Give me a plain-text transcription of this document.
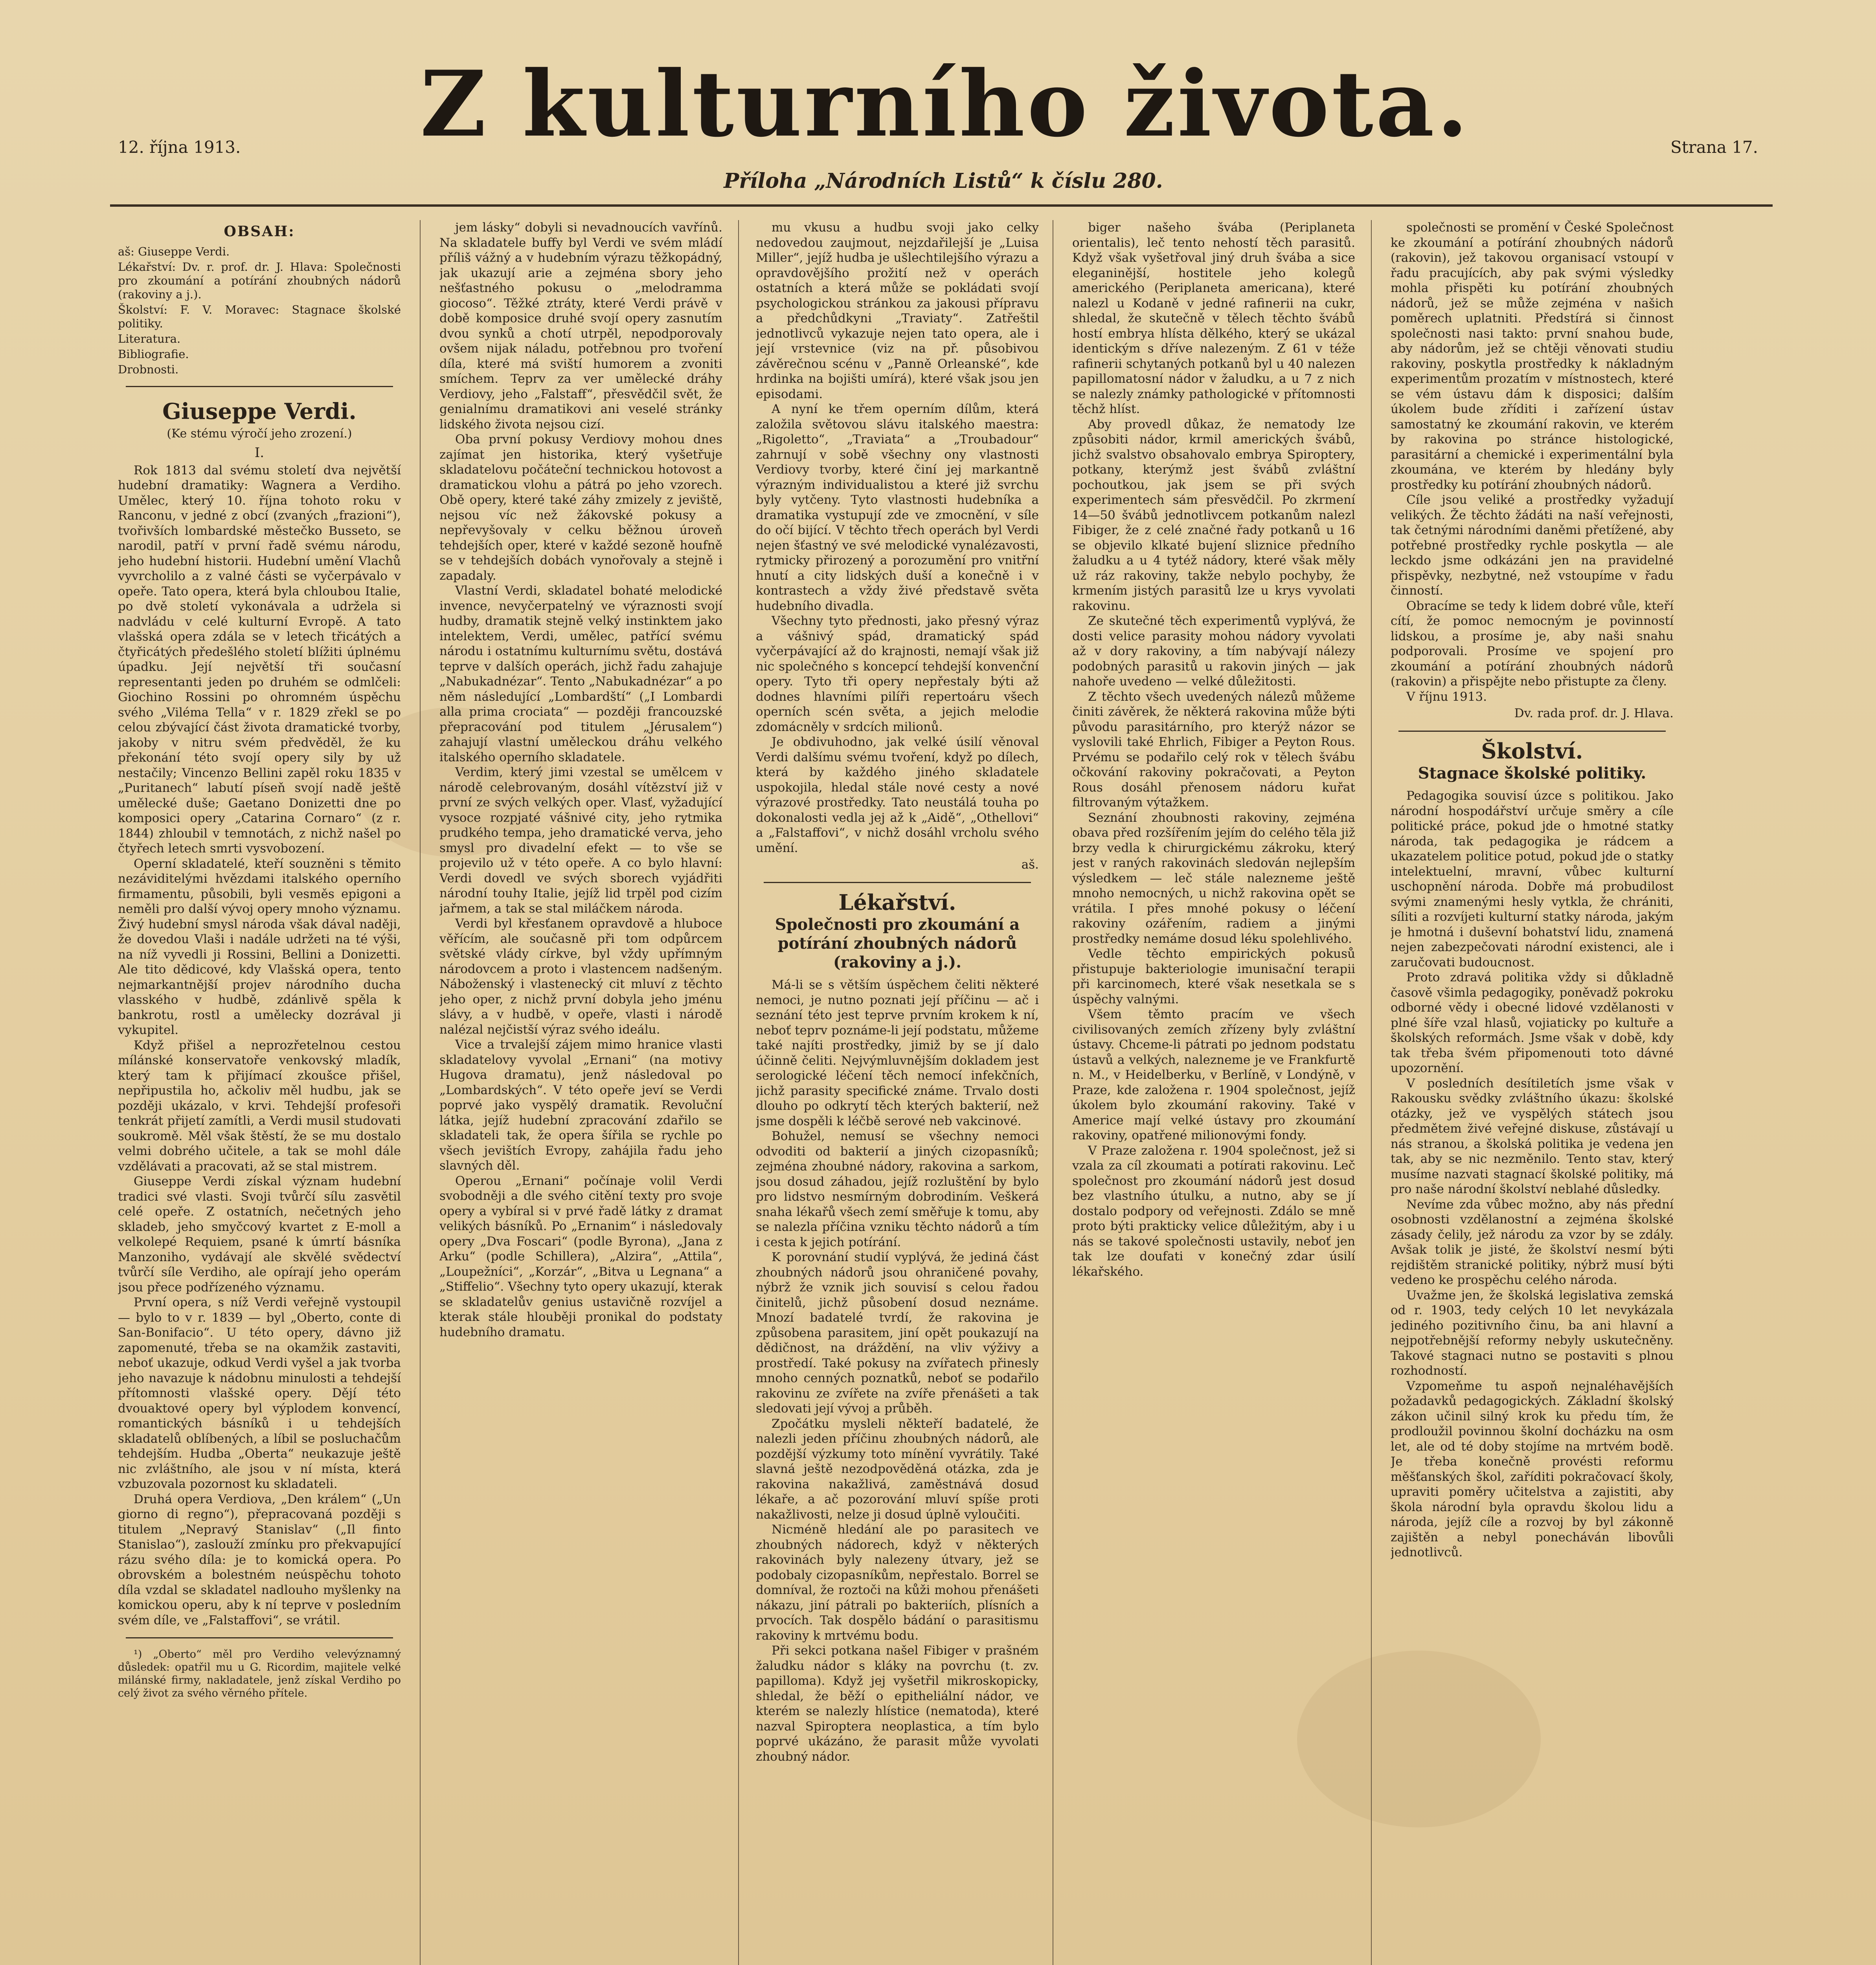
Z kulturního života.
12. října 1913.	Strana 17.
Příloha „Národních Listů“ k číslu 280.
OBSAH:

aš: Giuseppe Verdi.

Lékařství: Dv. r. prof. dr. J. Hlava: Společnosti pro zkoumání a potírání zhoubných nádorů (rakoviny a j.).

Školství: F. V. Moravec: Stagnace školské politiky.

Literatura.

Bibliografie.

Drobnosti.

Giuseppe Verdi.
(Ke stému výročí jeho zrození.)
I.

Rok 1813 dal svému století dva největší hudební dramatiky: Wagnera a Verdiho. Umělec, který 10. října tohoto roku v Ranconu, v jedné z obcí (zvaných „frazioni“), tvořivších lombardské městečko Busseto, se narodil, patří v první řadě svému národu, jeho hudební historii. Hudební umění Vlachů vyvrcholilo a z valné části se vyčerpávalo v opeře. Tato opera, která byla chloubou Italie, po dvě století vykonávala a udržela si nadvládu v celé kulturní Evropě. A tato vlašská opera zdála se v letech třicátých a čtyřicátých předešlého století blížiti úplnému úpadku. Její největší tři současní representanti jeden po druhém se odmlčeli: Giochino Rossini po ohromném úspěchu svého „Viléma Tella“ v r. 1829 zřekl se po celou zbývající část života dramatické tvorby, jakoby v nitru svém předvěděl, že ku překonání této svojí opery sily by už nestačily; Vincenzo Bellini zapěl roku 1835 v „Puritanech“ labutí píseň svojí nadě ještě umělecké duše; Gaetano Donizetti dne po komposici opery „Catarina Cornaro“ (z r. 1844) zhloubil v temnotách, z nichž našel po čtyřech letech smrti vysvobození.

Operní skladatelé, kteří souzněni s těmito nezáviditelými hvězdami italského operního firmamentu, působili, byli vesměs epigoni a neměli pro další vývoj opery mnoho významu. Živý hudební smysl národa však dával naději, že dovedou Vlaši i nadále udržeti na té výši, na níž vyvedli ji Rossini, Bellini a Donizetti. Ale tito dědicové, kdy Vlašská opera, tento nejmarkantnější projev národního ducha vlasského v hudbě, zdánlivě spěla k bankrotu, rostl a umělecky dozrával ji vykupitel.

Když přišel a neprozřetelnou cestou mílánské konservatoře venkovský mladík, který tam k přijímací zkoušce přišel, nepřipustila ho, ačkoliv měl hudbu, jak se později ukázalo, v krvi. Tehdejší profesoři tenkrát přijetí zamítli, a Verdi musil studovati soukromě. Měl však štěstí, že se mu dostalo velmi dobrého učitele, a tak se mohl dále vzdělávati a pracovati, až se stal mistrem.

Giuseppe Verdi získal význam hudební tradici své vlasti. Svoji tvůrčí sílu zasvětil celé opeře. Z ostatních, nečetných jeho skladeb, jeho smyčcový kvartet z E-moll a velkolepé Requiem, psané k úmrtí básníka Manzoniho, vydávají ale skvělé svědectví tvůrčí síle Verdiho, ale opírají jeho operám jsou přece podřízeného významu.

První opera, s níž Verdi veřejně vystoupil — bylo to v r. 1839 — byl „Oberto, conte di San-Bonifacio“. U této opery, dávno již zapomenuté, třeba se na okamžik zastaviti, neboť ukazuje, odkud Verdi vyšel a jak tvorba jeho navazuje k nádobnu minulosti a tehdejší přítomnosti vlašské opery. Dějí této dvouaktové opery byl výplodem konvencí, romantických básníků i u tehdejších skladatelů oblíbených, a líbil se posluchačům tehdejším. Hudba „Oberta“ neukazuje ještě nic zvláštního, ale jsou v ní místa, která vzbuzovala pozornost ku skladateli.

Druhá opera Verdiova, „Den králem“ („Un giorno di regno“), přepracovaná později s titulem „Nepravý Stanislav“ („Il finto Stanislao“), zaslouží zmínku pro překvapující rázu svého díla: je to komická opera. Po obrovském a bolestném neúspěchu tohoto díla vzdal se skladatel nadlouho myšlenky na komickou operu, aby k ní teprve v posledním svém díle, ve „Falstaffovi“, se vrátil.

¹) „Oberto“ měl pro Verdiho velevýznamný důsledek: opatřil mu u G. Ricordim, majitele velké milánské firmy, nakladatele, jenž získal Verdiho po celý život za svého věrného přítele.

jem lásky“ dobyli si nevadnoucích vavřínů. Na skladatele buffy byl Verdi ve svém mládí příliš vážný a v hudebním výrazu těžkopádný, jak ukazují arie a zejména sbory jeho nešťastného pokusu o „melodramma giocoso“. Těžké ztráty, které Verdi právě v době komposice druhé svojí opery zasnutím dvou synků a chotí utrpěl, nepodporovaly ovšem nijak náladu, potřebnou pro tvoření díla, které má sviští humorem a zvoniti smíchem. Teprv za ver umělecké dráhy Verdiovy, jeho „Falstaff“, přesvědčil svět, že genialnímu dramatikovi ani veselé stránky lidského života nejsou cizí.

Oba první pokusy Verdiovy mohou dnes zajímat jen historika, který vyšetřuje skladatelovu počáteční technickou hotovost a dramatickou vlohu a pátrá po jeho vzorech. Obě opery, které také záhy zmizely z jeviště, nejsou víc než žákovské pokusy a nepřevyšovaly v celku běžnou úroveň tehdejších oper, které v každé sezoně houfně se v tehdejších dobách vynořovaly a stejně i zapadaly.

Vlastní Verdi, skladatel bohaté melodické invence, nevyčerpatelný ve výraznosti svojí hudby, dramatik stejně velký instinktem jako intelektem, Verdi, umělec, patřící svému národu i ostatnímu kulturnímu světu, dostává teprve v dalších operách, jichž řadu zahajuje „Nabukadnézar“. Tento „Nabukadnézar“ a po něm následující „Lombardští“ („I Lombardi alla prima crociata“ — později francouzské přepracování pod titulem „Jérusalem“) zahajují vlastní uměleckou dráhu velkého italského operního skladatele.

Verdim, který jimi vzestal se umělcem v národě celebrovaným, dosáhl vítězství již v první ze svých velkých oper. Vlasť, vyžadující vysoce rozpjaté vášnivé city, jeho rytmika prudkého tempa, jeho dramatické verva, jeho smysl pro divadelní efekt — to vše se projevilo už v této opeře. A co bylo hlavní: Verdi dovedl ve svých sborech vyjádřiti národní touhy Italie, jejíž lid trpěl pod cizím jařmem, a tak se stal miláčkem národa.

Verdi byl křesťanem opravdově a hluboce věřícím, ale současně při tom odpůrcem světské vlády církve, byl vždy upřímným národovcem a proto i vlastencem nadšeným. Náboženský i vlastenecký cit mluví z těchto jeho oper, z nichž první dobyla jeho jménu slávy, a v hudbě, v opeře, vlasti i národě nalézal nejčistší výraz svého ideálu.

Vice a trvalejší zájem mimo hranice vlasti skladatelovy vyvolal „Ernani“ (na motivy Hugova dramatu), jenž následoval po „Lombardských“. V této opeře jeví se Verdi poprvé jako vyspělý dramatik. Revoluční látka, jejíž hudební zpracování zdařilo se skladateli tak, že opera šířila se rychle po všech jevištích Evropy, zahájila řadu jeho slavných děl.

Operou „Ernani“ počínaje volil Verdi svobodněji a dle svého citění texty pro svoje opery a vybíral si v prvé řadě látky z dramat velikých básníků. Po „Ernanim“ i následovaly opery „Dva Foscari“ (podle Byrona), „Jana z Arku“ (podle Schillera), „Alzira“, „Attila“, „Loupežníci“, „Korzár“, „Bitva u Legnana“ a „Stiffelio“. Všechny tyto opery ukazují, kterak se skladatelův genius ustavičně rozvíjel a kterak stále hlouběji pronikal do podstaty hudebního dramatu.

mu vkusu a hudbu svoji jako celky nedovedou zaujmout, nejzdařilejší je „Luisa Miller“, jejíž hudba je ušlechtilejšího výrazu a opravdovějšího prožití než v operách ostatních a která může se pokládati svojí psychologickou stránkou za jakousi přípravu a předchůdkyni „Traviaty“. Zatřeštil jednotlivců vykazuje nejen tato opera, ale i její vrstevnice (viz na př. působivou závěrečnou scénu v „Panně Orleanské“, kde hrdinka na bojišti umírá), které však jsou jen episodami.

A nyní ke třem operním dílům, která založila světovou slávu italského maestra: „Rigoletto“, „Traviata“ a „Troubadour“ zahrnují v sobě všechny ony vlastnosti Verdiovy tvorby, které činí jej markantně výrazným individualistou a které již svrchu byly vytčeny. Tyto vlastnosti hudebníka a dramatika vystupují zde ve zmocnění, v síle do očí bijící. V těchto třech operách byl Verdi nejen šťastný ve své melodické vynalézavosti, rytmicky přirozený a porozumění pro vnitřní hnutí a city lidských duší a konečně i v kontrastech a vždy živé představě světa hudebního divadla.

Všechny tyto přednosti, jako přesný výraz a vášnivý spád, dramatický spád vyčerpávající až do krajnosti, nemají však již nic společného s koncepcí tehdejší konvenční opery. Tyto tři opery nepřestaly býti až dodnes hlavními pilíři repertoáru všech operních scén světa, a jejich melodie zdomácněly v srdcích milionů.

Je obdivuhodno, jak velké úsilí věnoval Verdi dalšímu svému tvoření, když po dílech, která by každého jiného skladatele uspokojila, hledal stále nové cesty a nové výrazové prostředky. Tato neustálá touha po dokonalosti vedla jej až k „Aidě“, „Othellovi“ a „Falstaffovi“, v nichž dosáhl vrcholu svého umění.

aš.
Lékařství.
Společnosti pro zkoumání a potírání zhoubných nádorů (rakoviny a j.).

Má-li se s větším úspěchem čeliti některé nemoci, je nutno poznati její příčinu — ač i seznání této jest teprve prvním krokem k ní, neboť teprv poznáme-li její podstatu, můžeme také najíti prostředky, jimiž by se jí dalo účinně čeliti. Nejvýmluvnějším dokladem jest serologické léčení těch nemocí infekčních, jichž parasity specifické známe. Trvalo dosti dlouho po odkrytí těch kterých bakterií, než jsme dospěli k léčbě serové neb vakcinové.

Bohužel, nemusí se všechny nemoci odvoditi od bakterií a jiných cizopasníků; zejména zhoubné nádory, rakovina a sarkom, jsou dosud záhadou, jejíž rozluštění by bylo pro lidstvo nesmírným dobrodiním. Veškerá snaha lékařů všech zemí směřuje k tomu, aby se nalezla příčina vzniku těchto nádorů a tím i cesta k jejich potírání.

K porovnání studií vyplývá, že jediná část zhoubných nádorů jsou ohraničené povahy, nýbrž že vznik jich souvisí s celou řadou činitelů, jichž působení dosud neznáme. Mnozí badatelé tvrdí, že rakovina je způsobena parasitem, jiní opět poukazují na dědičnost, na dráždění, na vliv výživy a prostředí. Také pokusy na zvířatech přinesly mnoho cenných poznatků, neboť se podařilo rakovinu ze zvířete na zvíře přenášeti a tak sledovati její vývoj a průběh.

Zpočátku mysleli někteří badatelé, že nalezli jeden příčinu zhoubných nádorů, ale pozdější výzkumy toto mínění vyvrátily. Také slavná ještě nezodpověděná otázka, zda je rakovina nakažlivá, zaměstnává dosud lékaře, a ač pozorování mluví spíše proti nakažlivosti, nelze ji dosud úplně vyloučiti.

Nicméně hledání ale po parasitech ve zhoubných nádorech, když v některých rakovinách byly nalezeny útvary, jež se podobaly cizopasníkům, nepřestalo. Borrel se domníval, že roztoči na kůži mohou přenášeti nákazu, jiní pátrali po bakteriích, plísních a prvocích. Tak dospělo bádání o parasitismu rakoviny k mrtvému bodu.

Při sekci potkana našel Fibiger v prašném žaludku nádor s kláky na povrchu (t. zv. papilloma). Když jej vyšetřil mikroskopicky, shledal, že běží o epitheliální nádor, ve kterém se nalezly hlístice (nematoda), které nazval Spiroptera neoplastica, a tím bylo poprvé ukázáno, že parasit může vyvolati zhoubný nádor.

biger našeho švába (Periplaneta orientalis), leč tento nehostí těch parasitů. Když však vyšetřoval jiný druh švába a sice eleganinější, hostitele jeho kolegů amerického (Periplaneta americana), které nalezl u Kodaně v jedné rafinerii na cukr, shledal, že skutečně v tělech těchto švábů hostí embrya hlísta dělkého, který se ukázal identickým s dříve nalezeným. Z 61 v téže rafinerii schytaných potkanů byl u 40 nalezen papillomatosní nádor v žaludku, a u 7 z nich se nalezly známky pathologické v přítomnosti těchž hlíst.

Aby provedl důkaz, že nematody lze způsobiti nádor, krmil amerických švábů, jichž svalstvo obsahovalo embrya Spiroptery, potkany, kterýmž jest švábů zvláštní pochoutkou, jak jsem se při svých experimentech sám přesvědčil. Po zkrmení 14—50 švábů jednotlivcem potkanům nalezl Fibiger, že z celé značné řady potkanů u 16 se objevilo klkaté bujení sliznice předního žaludku a u 4 tytéž nádory, které však měly už ráz rakoviny, takže nebylo pochyby, že krmením jistých parasitů lze u krys vyvolati rakovinu.

Ze skutečné těch experimentů vyplývá, že dosti velice parasity mohou nádory vyvolati až v dory rakoviny, a tím nabývají nálezy podobných parasitů u rakovin jiných — jak nahoře uvedeno — velké důležitosti.

Z těchto všech uvedených nálezů můžeme činiti závěrek, že některá rakovina může býti původu parasitárního, pro kterýž názor se vyslovili také Ehrlich, Fibiger a Peyton Rous. Prvému se podařilo celý rok v tělech švábu očkování rakoviny pokračovati, a Peyton Rous dosáhl přenosem nádoru kuřat filtrovaným výtažkem.

Seznání zhoubnosti rakoviny, zejména obava před rozšířením jejím do celého těla již brzy vedla k chirurgickému zákroku, který jest v raných rakovinách sledován nejlepším výsledkem — leč stále nalezneme ještě mnoho nemocných, u nichž rakovina opět se vrátila. I přes mnohé pokusy o léčení rakoviny ozářením, radiem a jinými prostředky nemáme dosud léku spolehlivého.

Vedle těchto empirických pokusů přistupuje bakteriologie imunisační terapii při karcinomech, které však nesetkala se s úspěchy valnými.

Všem těmto pracím ve všech civilisovaných zemích zřízeny byly zvláštní ústavy. Chceme-li pátrati po jednom podstatu ústavů a velkých, nalezneme je ve Frankfurtě n. M., v Heidelberku, v Berlíně, v Londýně, v Praze, kde založena r. 1904 společnost, jejíž úkolem bylo zkoumání rakoviny. Také v Americe mají velké ústavy pro zkoumání rakoviny, opatřené milionovými fondy.

V Praze založena r. 1904 společnost, jež si vzala za cíl zkoumati a potírati rakovinu. Leč společnost pro zkoumání nádorů jest dosud bez vlastního útulku, a nutno, aby se jí dostalo podpory od veřejnosti. Zdálo se mně proto býti prakticky velice důležitým, aby i u nás se takové společnosti ustavily, neboť jen tak lze doufati v konečný zdar úsilí lékařského.

společnosti se promění v České Společnost ke zkoumání a potírání zhoubných nádorů (rakovin), jež takovou organisací vstoupí v řadu pracujících, aby pak svými výsledky mohla přispěti ku potírání zhoubných nádorů, jež se může zejména v našich poměrech uplatniti. Předstírá si činnost společnosti nasi takto: první snahou bude, aby nádorům, jež se chtěji věnovati studiu rakoviny, poskytla prostředky k nákladným experimentům prozatím v místnostech, které se vém ústavu dám k disposici; dalším úkolem bude zříditi i zařízení ústav samostatný ke zkoumání rakovin, ve kterém by rakovina po stránce histologické, parasitární a chemické i experimentální byla zkoumána, ve kterém by hledány byly prostředky ku potírání zhoubných nádorů.

Cíle jsou veliké a prostředky vyžadují velikých. Že těchto žádáti na naší veřejnosti, tak četnými národními daněmi přetížené, aby potřebné prostředky rychle poskytla — ale leckdo jsme odkázáni jen na pravidelné přispěvky, nezbytné, než vstoupíme v řadu činností.

Obracíme se tedy k lidem dobré vůle, kteří cítí, že pomoc nemocným je povinností lidskou, a prosíme je, aby naši snahu podporovali. Prosíme ve spojení pro zkoumání a potírání zhoubných nádorů (rakovin) a přispějte nebo přistupte za členy.

V říjnu 1913.

Dv. rada prof. dr. J. Hlava.
Školství.
Stagnace školské politiky.

Pedagogika souvisí úzce s politikou. Jako národní hospodářství určuje směry a cíle politické práce, pokud jde o hmotné statky národa, tak pedagogika je rádcem a ukazatelem politice potud, pokud jde o statky intelektuelní, mravní, vůbec kulturní uschopnění národa. Dobře má probudilost svými znamenými hesly vytkla, že chrániti, síliti a rozvíjeti kulturní statky národa, jakým je hmotná i duševní bohatství lidu, znamená nejen zabezpečovati národní existenci, ale i zaručovati budoucnost.

Proto zdravá politika vždy si důkladně časově všimla pedagogiky, poněvadž pokroku odborné vědy i obecné lidové vzdělanosti v plné šíře vzal hlasů, vojiaticky po kultuře a školských reformách. Jsme však v době, kdy tak třeba švém připomenouti toto dávné upozornění.

V posledních desítiletích jsme však v Rakousku svědky zvláštního úkazu: školské otázky, jež ve vyspělých státech jsou předmětem živé veřejné diskuse, zůstávají u nás stranou, a školská politika je vedena jen tak, aby se nic nezměnilo. Tento stav, který musíme nazvati stagnací školské politiky, má pro naše národní školství neblahé důsledky.

Nevíme zda vůbec možno, aby nás přední osobnosti vzdělanostní a zejména školské zásady čelily, jež národu za vzor by se zdály. Avšak tolik je jisté, že školství nesmí býti rejdištěm stranické politiky, nýbrž musí býti vedeno ke prospěchu celého národa.

Uvažme jen, že školská legislativa zemská od r. 1903, tedy celých 10 let nevykázala jediného pozitivního činu, ba ani hlavní a nejpotřebnější reformy nebyly uskutečněny. Takové stagnaci nutno se postaviti s plnou rozhodností.

Vzpomeňme tu aspoň nejnaléhavějších požadavků pedagogických. Základní školský zákon učinil silný krok ku předu tím, že prodloužil povinnou školní docházku na osm let, ale od té doby stojíme na mrtvém bodě. Je třeba konečně provésti reformu měšťanských škol, zaříditi pokračovací školy, upraviti poměry učitelstva a zajistiti, aby škola národní byla opravdu školou lidu a národa, jejíž cíle a rozvoj by byl zákonně zajištěn a nebyl ponecháván libovůli jednotlivců.
